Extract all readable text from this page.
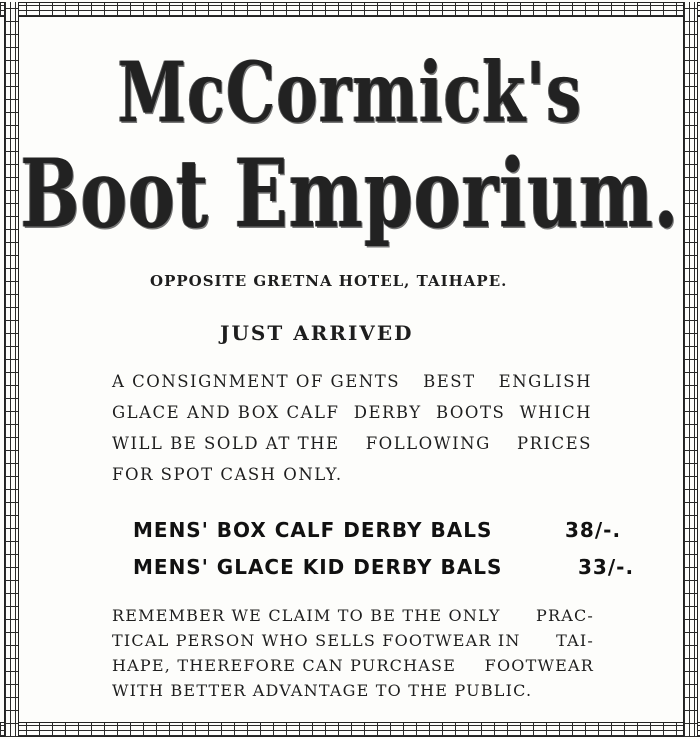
McCormick's
Boot Emporium.
OPPOSITE GRETNA HOTEL, TAIHAPE.
JUST ARRIVED
A CONSIGNMENT OF GENTS BEST ENGLISH
GLACE AND BOX CALF DERBY BOOTS WHICH
WILL BE SOLD AT THE FOLLOWING PRICES
FOR SPOT CASH ONLY.
MENS' BOX CALF DERBY BALS	38/-.
MENS' GLACE KID DERBY BALS	33/-.
REMEMBER WE CLAIM TO BE THE ONLY PRAC-
TICAL PERSON WHO SELLS FOOTWEAR IN TAI-
HAPE, THEREFORE CAN PURCHASE FOOTWEAR
WITH BETTER ADVANTAGE TO THE PUBLIC.
